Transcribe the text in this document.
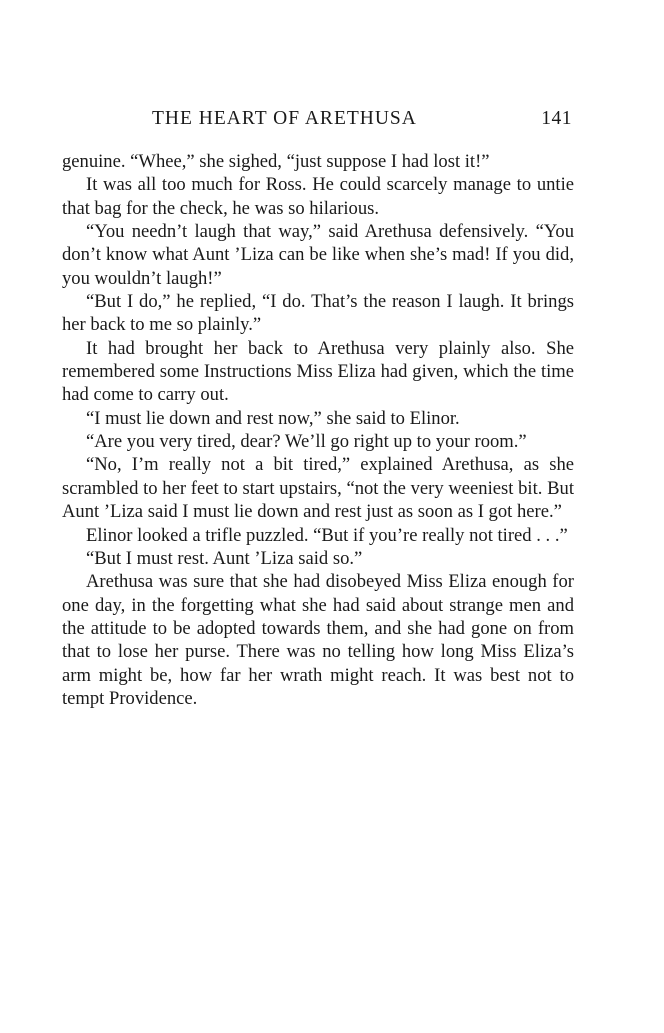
THE HEART OF ARETHUSA	141

genuine. “Whee,” she sighed, “just suppose I had lost it!”

It was all too much for Ross. He could scarcely manage to untie that bag for the check, he was so hilarious.

“You needn’t laugh that way,” said Arethusa defensively. “You don’t know what Aunt ’Liza can be like when she’s mad! If you did, you wouldn’t laugh!”

“But I do,” he replied, “I do. That’s the reason I laugh. It brings her back to me so plainly.”

It had brought her back to Arethusa very plainly also. She remembered some Instructions Miss Eliza had given, which the time had come to carry out.

“I must lie down and rest now,” she said to Elinor.

“Are you very tired, dear? We’ll go right up to your room.”

“No, I’m really not a bit tired,” explained Arethusa, as she scrambled to her feet to start upstairs, “not the very weeniest bit. But Aunt ’Liza said I must lie down and rest just as soon as I got here.”

Elinor looked a trifle puzzled. “But if you’re really not tired . . .”

“But I must rest. Aunt ’Liza said so.”

Arethusa was sure that she had disobeyed Miss Eliza enough for one day, in the forgetting what she had said about strange men and the attitude to be adopted towards them, and she had gone on from that to lose her purse. There was no telling how long Miss Eliza’s arm might be, how far her wrath might reach. It was best not to tempt Providence.
